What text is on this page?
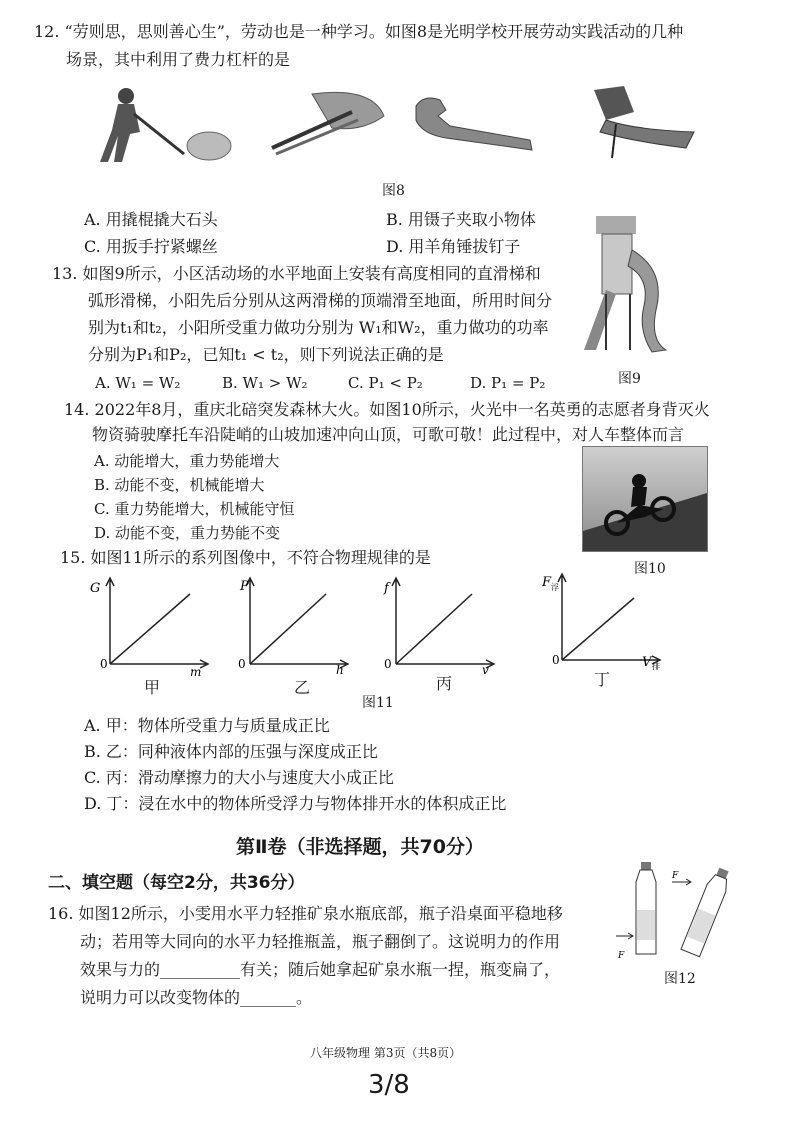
12. “劳则思，思则善心生”，劳动也是一种学习。如图8是光明学校开展劳动实践活动的几种
场景，其中利用了费力杠杆的是
图8
A. 用撬棍撬大石头	B. 用镊子夹取小物体
C. 用扳手拧紧螺丝	D. 用羊角锤拔钉子
13. 如图9所示，小区活动场的水平地面上安装有高度相同的直滑梯和
弧形滑梯，小阳先后分别从这两滑梯的顶端滑至地面，所用时间分
别为t₁和t₂，小阳所受重力做功分别为 W₁和W₂，重力做功的功率
分别为P₁和P₂，已知t₁ < t₂，则下列说法正确的是
A. W₁ = W₂	B. W₁ > W₂	C. P₁ < P₂	D. P₁ = P₂	图9
14. 2022年8月，重庆北碚突发森林大火。如图10所示，火光中一名英勇的志愿者身背灭火
物资骑驶摩托车沿陡峭的山坡加速冲向山顶，可歌可敬！此过程中，对人车整体而言
A. 动能增大，重力势能增大
B. 动能不变，机械能增大
C. 重力势能增大，机械能守恒
D. 动能不变，重力势能不变
图10
15. 如图11所示的系列图像中，不符合物理规律的是
G
0
m
甲
P
0	h
乙
f
0	v
丙
F 浮
0	V 排
丁
图11
A. 甲：物体所受重力与质量成正比
B. 乙：同种液体内部的压强与深度成正比
C. 丙：滑动摩擦力的大小与速度大小成正比
D. 丁：浸在水中的物体所受浮力与物体排开水的体积成正比
第Ⅱ卷（非选择题，共70分）
二、填空题（每空2分，共36分）
16. 如图12所示，小雯用水平力轻推矿泉水瓶底部，瓶子沿桌面平稳地移
动；若用等大同向的水平力轻推瓶盖，瓶子翻倒了。这说明力的作用
效果与力的__________有关；随后她拿起矿泉水瓶一捏，瓶变扁了，
说明力可以改变物体的_______。
F
F
图12
八年级物理 第3页（共8页）
3/8
